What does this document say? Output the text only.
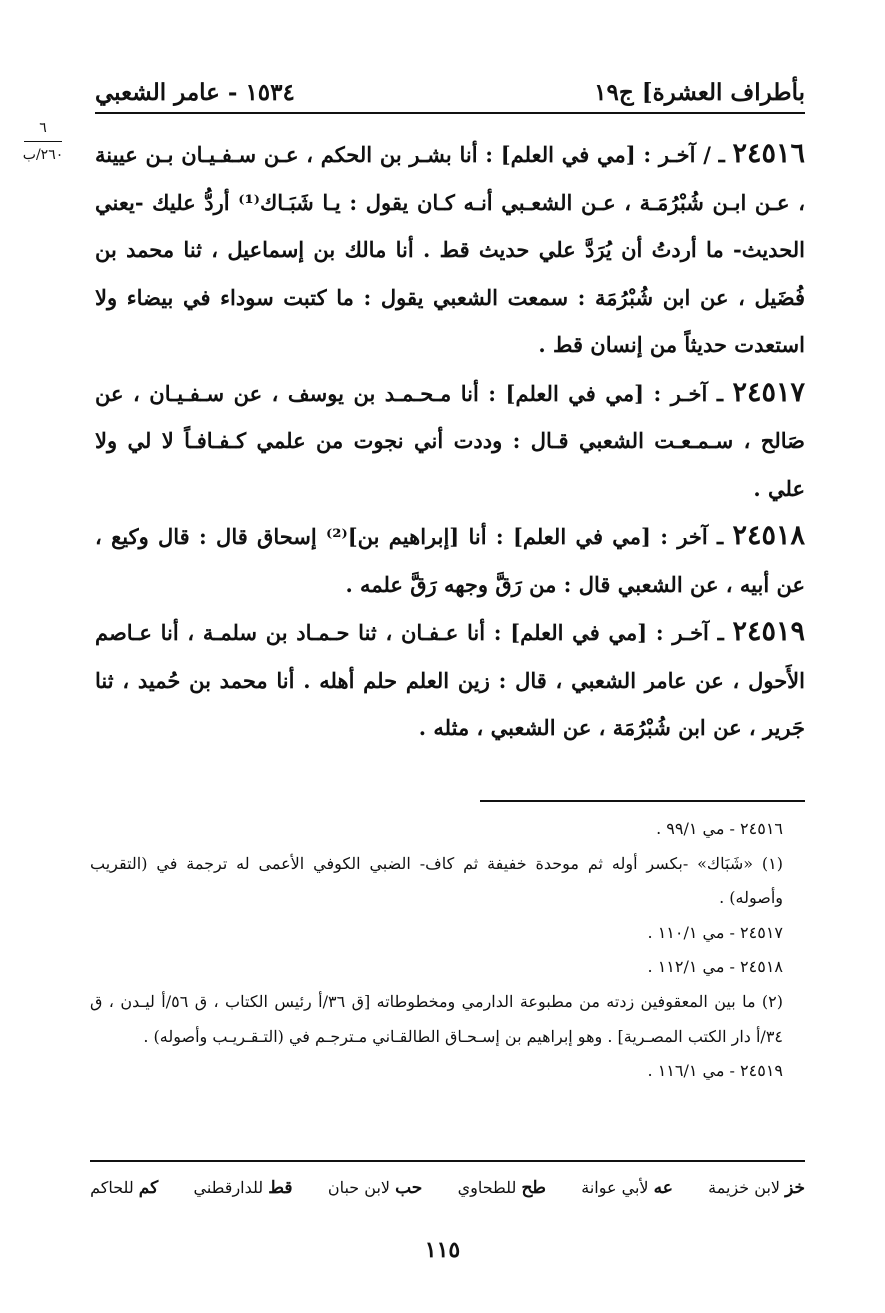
بأطراف العشرة] ج١٩
١٥٣٤ - عامر الشعبي
٦
٢٦٠/ب	٢٤٥١٦ ـ / آخـر : [مي في العلم] : أنا بشـر بن الحكم ، عـن سـفـيـان بـن عيينة ، عـن ابـن شُبْرُمَـة ، عـن الشعـبي أنـه كـان يقول : يـا شَبَـاك⁽¹⁾ أردُّ عليك -يعني الحديث- ما أردتُ أن يُرَدَّ علي حديث قط . أنا مالك بن إسماعيل ، ثنا محمد بن فُضَيل ، عن ابن شُبْرُمَة : سمعت الشعبي يقول : ما كتبت سوداء في بيضاء ولا استعدت حديثاً من إنسان قط .

٢٤٥١٧ ـ آخـر : [مي في العلم] : أنا مـحـمـد بن يوسف ، عن سـفـيـان ، عن صَالح ، سـمـعـت الشعبي قـال : وددت أني نجوت من علمي كـفـافـاً لا لي ولا علي .

٢٤٥١٨ ـ آخر : [مي في العلم] : أنا [إبراهيم بن]⁽²⁾ إسحاق قال : قال وكيع ، عن أبيه ، عن الشعبي قال : من رَقَّ وجهه رَقَّ علمه .

٢٤٥١٩ ـ آخـر : [مي في العلم] : أنا عـفـان ، ثنا حـمـاد بن سلمـة ، أنا عـاصم الأَحول ، عن عامر الشعبي ، قال : زين العلم حلم أهله . أنا محمد بن حُميد ، ثنا جَرير ، عن ابن شُبْرُمَة ، عن الشعبي ، مثله .

٢٤٥١٦ - مي ٩٩/١ .

(١) «شَبَاك» -بكسر أوله ثم موحدة خفيفة ثم كاف- الضبي الكوفي الأعمى له ترجمة في (التقريب وأصوله) .

٢٤٥١٧ - مي ١١٠/١ .

٢٤٥١٨ - مي ١١٢/١ .

(٢) ما بين المعقوفين زدته من مطبوعة الدارمي ومخطوطاته [ق ٣٦/أ رئيس الكتاب ، ق ٥٦/أ ليـدن ، ق ٣٤/أ دار الكتب المصـرية] . وهو إبراهيم بن إسـحـاق الطالقـاني مـترجـم في (التـقـريـب وأصوله) .

٢٤٥١٩ - مي ١١٦/١ .

خز لابن خزيمة
عه لأبي عوانة
طح للطحاوي
حب لابن حبان
قط للدارقطني
كم للحاكم
١١٥
